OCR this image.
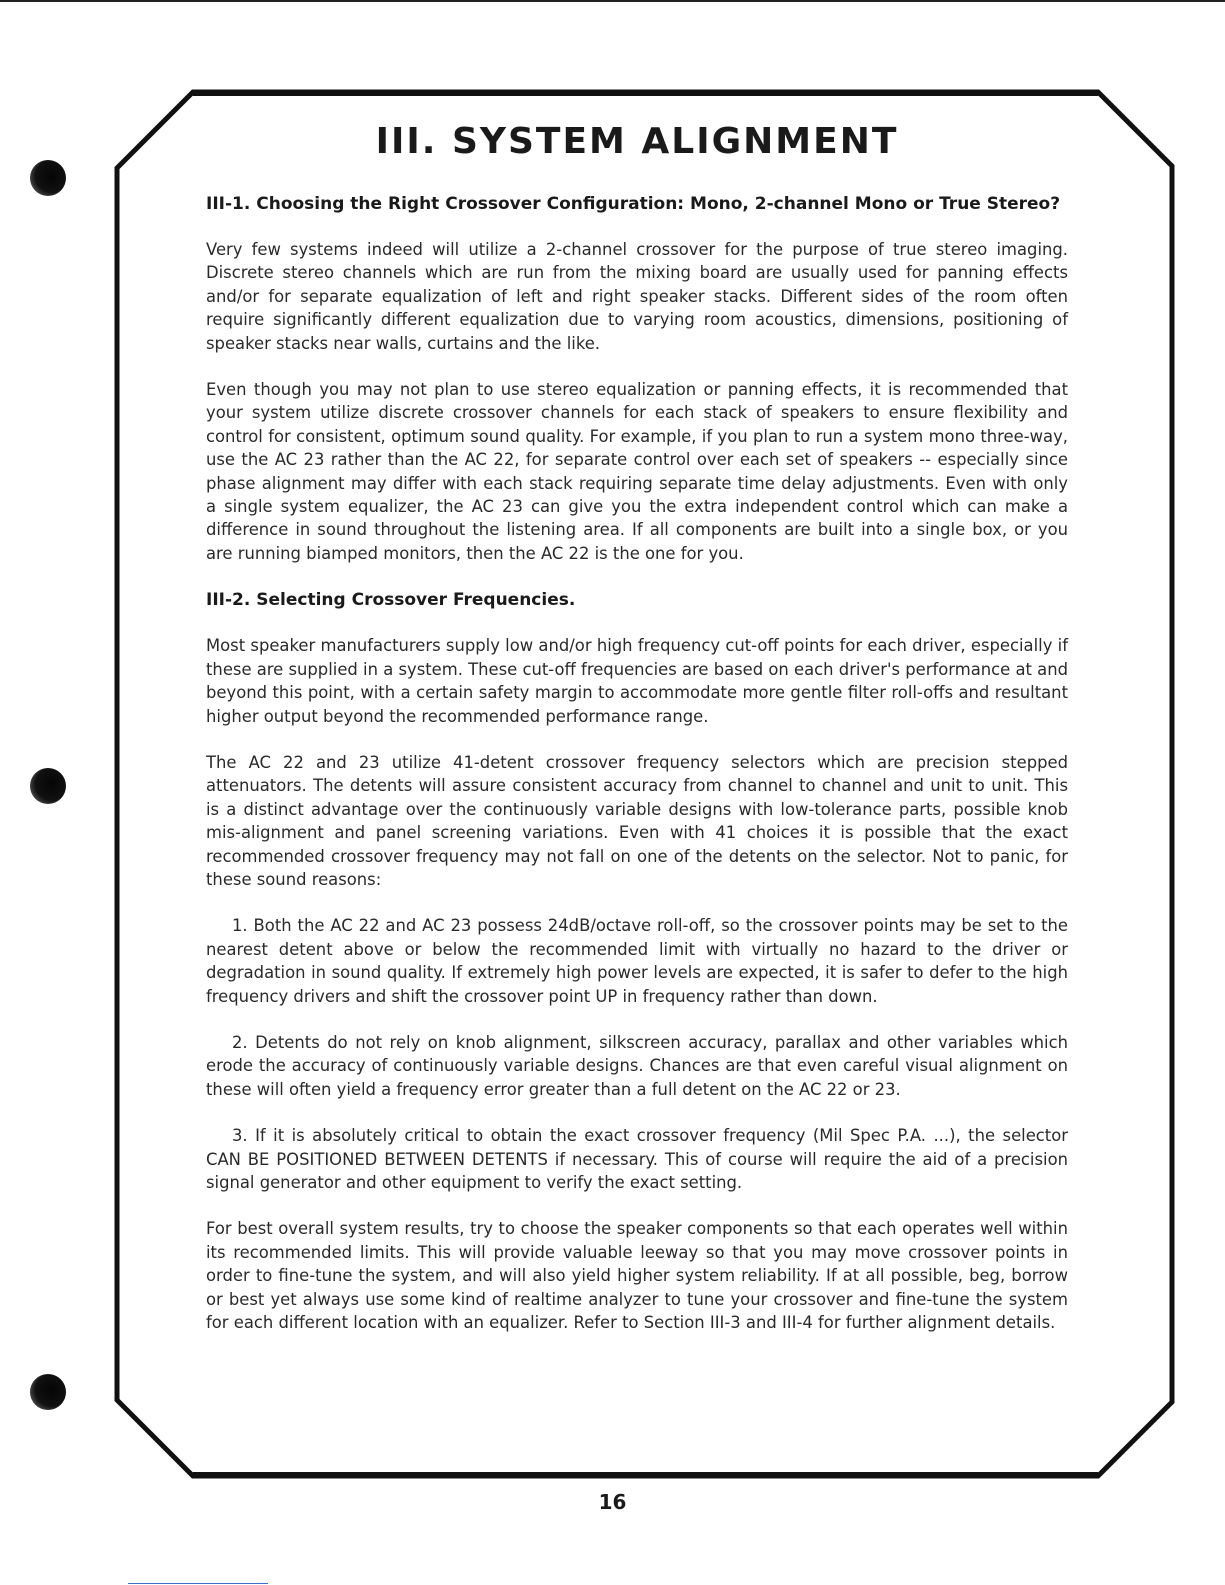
III. SYSTEM ALIGNMENT
III-1. Choosing the Right Crossover Configuration: Mono, 2-channel Mono or True Stereo?

Very few systems indeed will utilize a 2-channel crossover for the purpose of true stereo imaging. Discrete stereo channels which are run from the mixing board are usually used for panning effects and/or for separate equalization of left and right speaker stacks. Different sides of the room often require significantly different equalization due to varying room acoustics, dimensions, positioning of speaker stacks near walls, curtains and the like.

Even though you may not plan to use stereo equalization or panning effects, it is recommended that your system utilize discrete crossover channels for each stack of speakers to ensure flexibility and control for consistent, optimum sound quality. For example, if you plan to run a system mono three-way, use the AC 23 rather than the AC 22, for separate control over each set of speakers -- especially since phase alignment may differ with each stack requiring separate time delay adjustments. Even with only a single system equalizer, the AC 23 can give you the extra independent control which can make a difference in sound throughout the listening area. If all components are built into a single box, or you are running biamped monitors, then the AC 22 is the one for you.

III-2. Selecting Crossover Frequencies.

Most speaker manufacturers supply low and/or high frequency cut-off points for each driver, especially if these are supplied in a system. These cut-off frequencies are based on each driver's performance at and beyond this point, with a certain safety margin to accommodate more gentle filter roll-offs and resultant higher output beyond the recommended performance range.

The AC 22 and 23 utilize 41-detent crossover frequency selectors which are precision stepped attenuators. The detents will assure consistent accuracy from channel to channel and unit to unit. This is a distinct advantage over the continuously variable designs with low-tolerance parts, possible knob mis-alignment and panel screening variations. Even with 41 choices it is possible that the exact recommended crossover frequency may not fall on one of the detents on the selector. Not to panic, for these sound reasons:

1. Both the AC 22 and AC 23 possess 24dB/octave roll-off, so the crossover points may be set to the nearest detent above or below the recommended limit with virtually no hazard to the driver or degradation in sound quality. If extremely high power levels are expected, it is safer to defer to the high frequency drivers and shift the crossover point UP in frequency rather than down.

2. Detents do not rely on knob alignment, silkscreen accuracy, parallax and other variables which erode the accuracy of continuously variable designs. Chances are that even careful visual alignment on these will often yield a frequency error greater than a full detent on the AC 22 or 23.

3. If it is absolutely critical to obtain the exact crossover frequency (Mil Spec P.A. ...), the selector CAN BE POSITIONED BETWEEN DETENTS if necessary. This of course will require the aid of a precision signal generator and other equipment to verify the exact setting.

For best overall system results, try to choose the speaker components so that each operates well within its recommended limits. This will provide valuable leeway so that you may move crossover points in order to fine-tune the system, and will also yield higher system reliability. If at all possible, beg, borrow or best yet always use some kind of realtime analyzer to tune your crossover and fine-tune the system for each different location with an equalizer. Refer to Section III-3 and III-4 for further alignment details.

16
